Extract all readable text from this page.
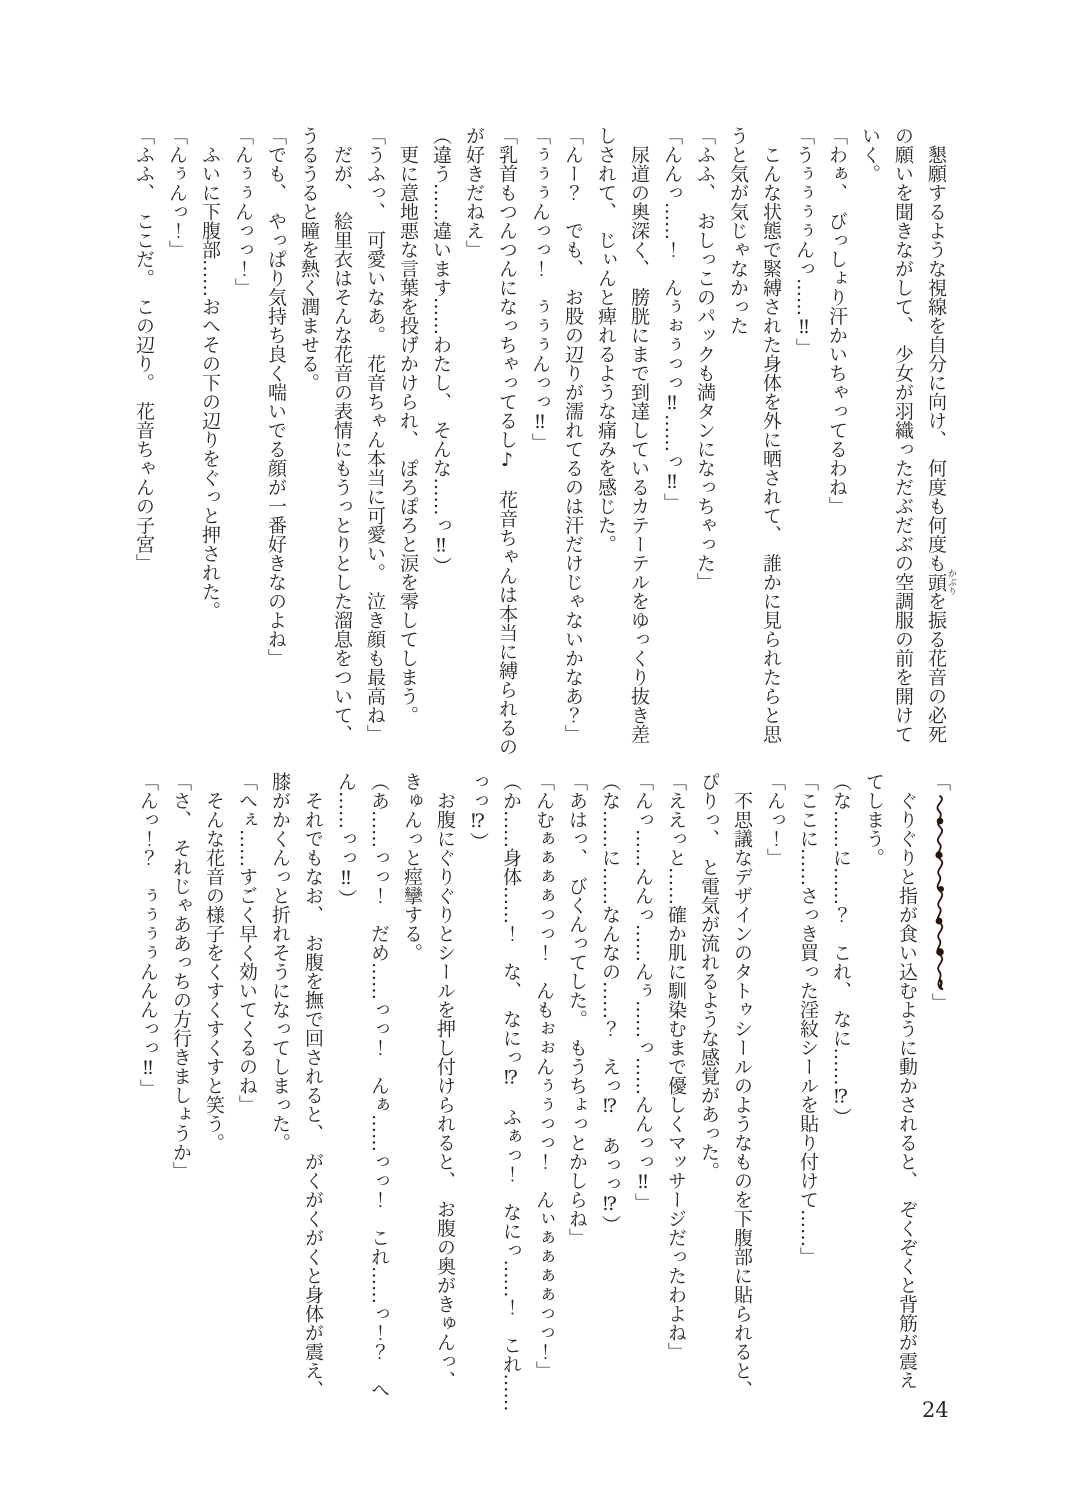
懇願するような視線を自分に向け、　何度も何度も頭 かぶりを振る花音の必死

の願いを聞きながして、　少女が羽織っただぶだぶの空調服の前を開けて

いく。

「わぁ、　びっしょり汗かいちゃってるわね」

「うぅぅぅぅんっ……‼」

こんな状態で緊縛された身体を外に晒されて、　誰かに見られたらと思

うと気が気じゃなかった

「ふふ、　おしっこのパックも満タンになっちゃった」

「んんっ……！　んぅぉぅっっ‼……っ‼」

尿道の奥深く、　膀胱にまで到達しているカテーテルをゆっくり抜き差

しされて、　じぃんと痺れるような痛みを感じた。

「んー？　でも、　お股の辺りが濡れてるのは汗だけじゃないかなあ？」

「ぅぅぅんっっ！　ぅぅぅんっっ‼」

「乳首もつんつんになっちゃってるし♪　花音ちゃんは本当に縛られるの

が好きだねえ」

（違う……違います……わたし、　そんな……っ‼）

更に意地悪な言葉を投げかけられ、　ぽろぽろと涙を零してしまう。

「うふっ、　可愛いなあ。　花音ちゃん本当に可愛い。　泣き顔も最高ね」

だが、　絵里衣はそんな花音の表情にもうっとりとした溜息をついて、

うるうると瞳を熱く潤ませる。

「でも、　やっぱり気持ち良く喘いでる顔が一番好きなのよね」

「んぅぅんっっ！」

ふいに下腹部……おへその下の辺りをぐっと押された。

「んぅんっ！」

「ふふ、　ここだ。　この辺り。　花音ちゃんの子宮」

「」

ぐりぐりと指が食い込むように動かされると、　ぞくぞくと背筋が震え

てしまう。

（な……に……？　これ、　なに……⁉）

「ここに……さっき買った淫紋シールを貼り付けて……」

「んっ！」

不思議なデザインのタトゥシールのようなものを下腹部に貼られると、

ぴりっ、　と電気が流れるような感覚があった。

「ええっと……確か肌に馴染むまで優しくマッサージだったわよね」

「んっ……んんっ……んぅ……っ……んんっっ‼」

（な……に……なんなの……？　えっ⁉　あっっ⁉）

「あはっ、　びくんってした。　もうちょっとかしらね」

「んむぁぁぁぁっっ！　んもぉぉんぅぅっっ！　んぃぁぁぁぁっっ！」

（か……身体……！　な、　なにっ⁉　ふぁっ！　なにっ……！　これ……

っっ⁉）

お腹にぐりぐりとシールを押し付けられると、　お腹の奥がきゅんっ、

きゅんっと痙攣する。

（あ……っっ！　だめ……っっ！　んぁ……っっ！　これ……っ！？　へ

ん……っっ‼）

それでもなお、　お腹を撫で回されると、　がくがくがくと身体が震え、

膝がかくんっと折れそうになってしまった。

「へぇ……すごく早く効いてくるのね」

そんな花音の様子をくすくすくすと笑う。

「さ、　それじゃああっちの方行きましょうか」

「んっ！？　ぅぅぅぅんんんっっ‼」

24
